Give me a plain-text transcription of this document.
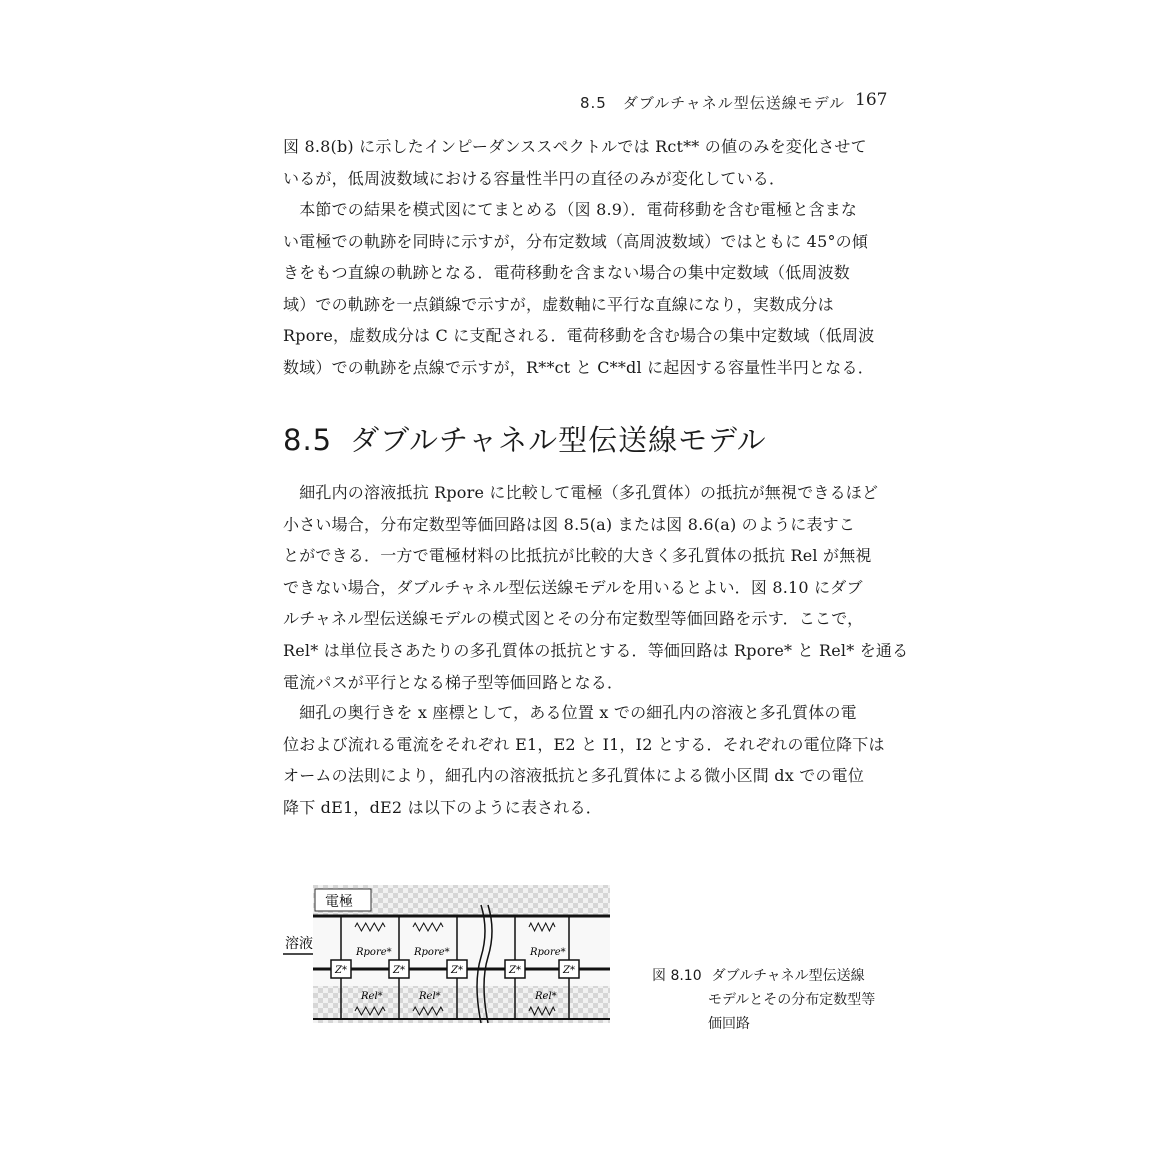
8.5　ダブルチャネル型伝送線モデル 167

図 8.8(b) に示したインピーダンススペクトルでは Rct** の値のみを変化させて
いるが，低周波数域における容量性半円の直径のみが変化している．

　本節での結果を模式図にてまとめる（図 8.9）．電荷移動を含む電極と含まな
い電極での軌跡を同時に示すが，分布定数域（高周波数域）ではともに 45°の傾
きをもつ直線の軌跡となる．電荷移動を含まない場合の集中定数域（低周波数
域）での軌跡を一点鎖線で示すが，虚数軸に平行な直線になり，実数成分は
Rpore，虚数成分は C に支配される．電荷移動を含む場合の集中定数域（低周波
数域）での軌跡を点線で示すが，R**ct と C**dl に起因する容量性半円となる．

8.5 ダブルチャネル型伝送線モデル

　細孔内の溶液抵抗 Rpore に比較して電極（多孔質体）の抵抗が無視できるほど
小さい場合，分布定数型等価回路は図 8.5(a) または図 8.6(a) のように表すこ
とができる．一方で電極材料の比抵抗が比較的大きく多孔質体の抵抗 Rel が無視
できない場合，ダブルチャネル型伝送線モデルを用いるとよい．図 8.10 にダブ
ルチャネル型伝送線モデルの模式図とその分布定数型等価回路を示す．ここで，
Rel* は単位長さあたりの多孔質体の抵抗とする．等価回路は Rpore* と Rel* を通る
電流パスが平行となる梯子型等価回路となる．

　細孔の奥行きを x 座標として，ある位置 x での細孔内の溶液と多孔質体の電
位および流れる電流をそれぞれ E1，E2 と I1，I2 とする．それぞれの電位降下は
オームの法則により，細孔内の溶液抵抗と多孔質体による微小区間 dx での電位
降下 dE1，dE2 は以下のように表される．

電極
溶液
Z*
Rpore*
Rel*
Z*
Rpore*
Rel*
Z*	Z*
Rpore*
Rel*
Z*	図 8.10 ダブルチャネル型伝送線
モデルとその分布定数型等
価回路
